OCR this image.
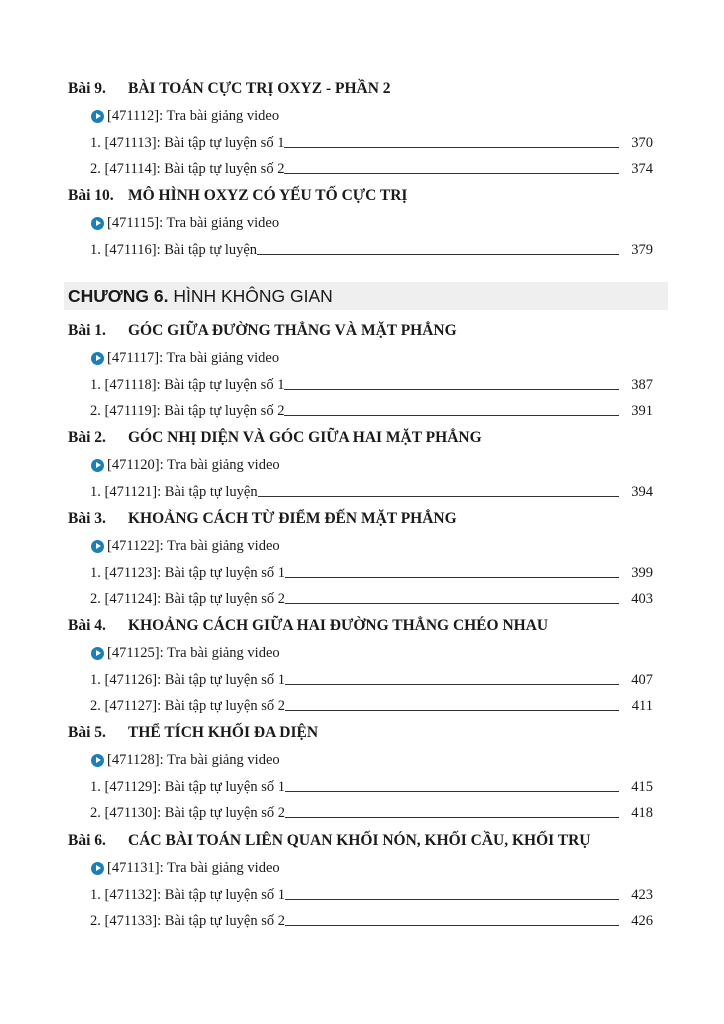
Bài 9. BÀI TOÁN CỰC TRỊ OXYZ - PHẦN 2
[471112]: Tra bài giảng video
1. [471113]: Bài tập tự luyện số 1	370
2. [471114]: Bài tập tự luyện số 2	374
Bài 10. MÔ HÌNH OXYZ CÓ YẾU TỐ CỰC TRỊ
[471115]: Tra bài giảng video
1. [471116]: Bài tập tự luyện	379
CHƯƠNG 6. HÌNH KHÔNG GIAN
Bài 1. GÓC GIỮA ĐƯỜNG THẲNG VÀ MẶT PHẲNG
[471117]: Tra bài giảng video
1. [471118]: Bài tập tự luyện số 1	387
2. [471119]: Bài tập tự luyện số 2	391
Bài 2. GÓC NHỊ DIỆN VÀ GÓC GIỮA HAI MẶT PHẲNG
[471120]: Tra bài giảng video
1. [471121]: Bài tập tự luyện	394
Bài 3. KHOẢNG CÁCH TỪ ĐIỂM ĐẾN MẶT PHẲNG
[471122]: Tra bài giảng video
1. [471123]: Bài tập tự luyện số 1	399
2. [471124]: Bài tập tự luyện số 2	403
Bài 4. KHOẢNG CÁCH GIỮA HAI ĐƯỜNG THẲNG CHÉO NHAU
[471125]: Tra bài giảng video
1. [471126]: Bài tập tự luyện số 1	407
2. [471127]: Bài tập tự luyện số 2	411
Bài 5. THỂ TÍCH KHỐI ĐA DIỆN
[471128]: Tra bài giảng video
1. [471129]: Bài tập tự luyện số 1	415
2. [471130]: Bài tập tự luyện số 2	418
Bài 6. CÁC BÀI TOÁN LIÊN QUAN KHỐI NÓN, KHỐI CẦU, KHỐI TRỤ
[471131]: Tra bài giảng video
1. [471132]: Bài tập tự luyện số 1	423
2. [471133]: Bài tập tự luyện số 2	426
